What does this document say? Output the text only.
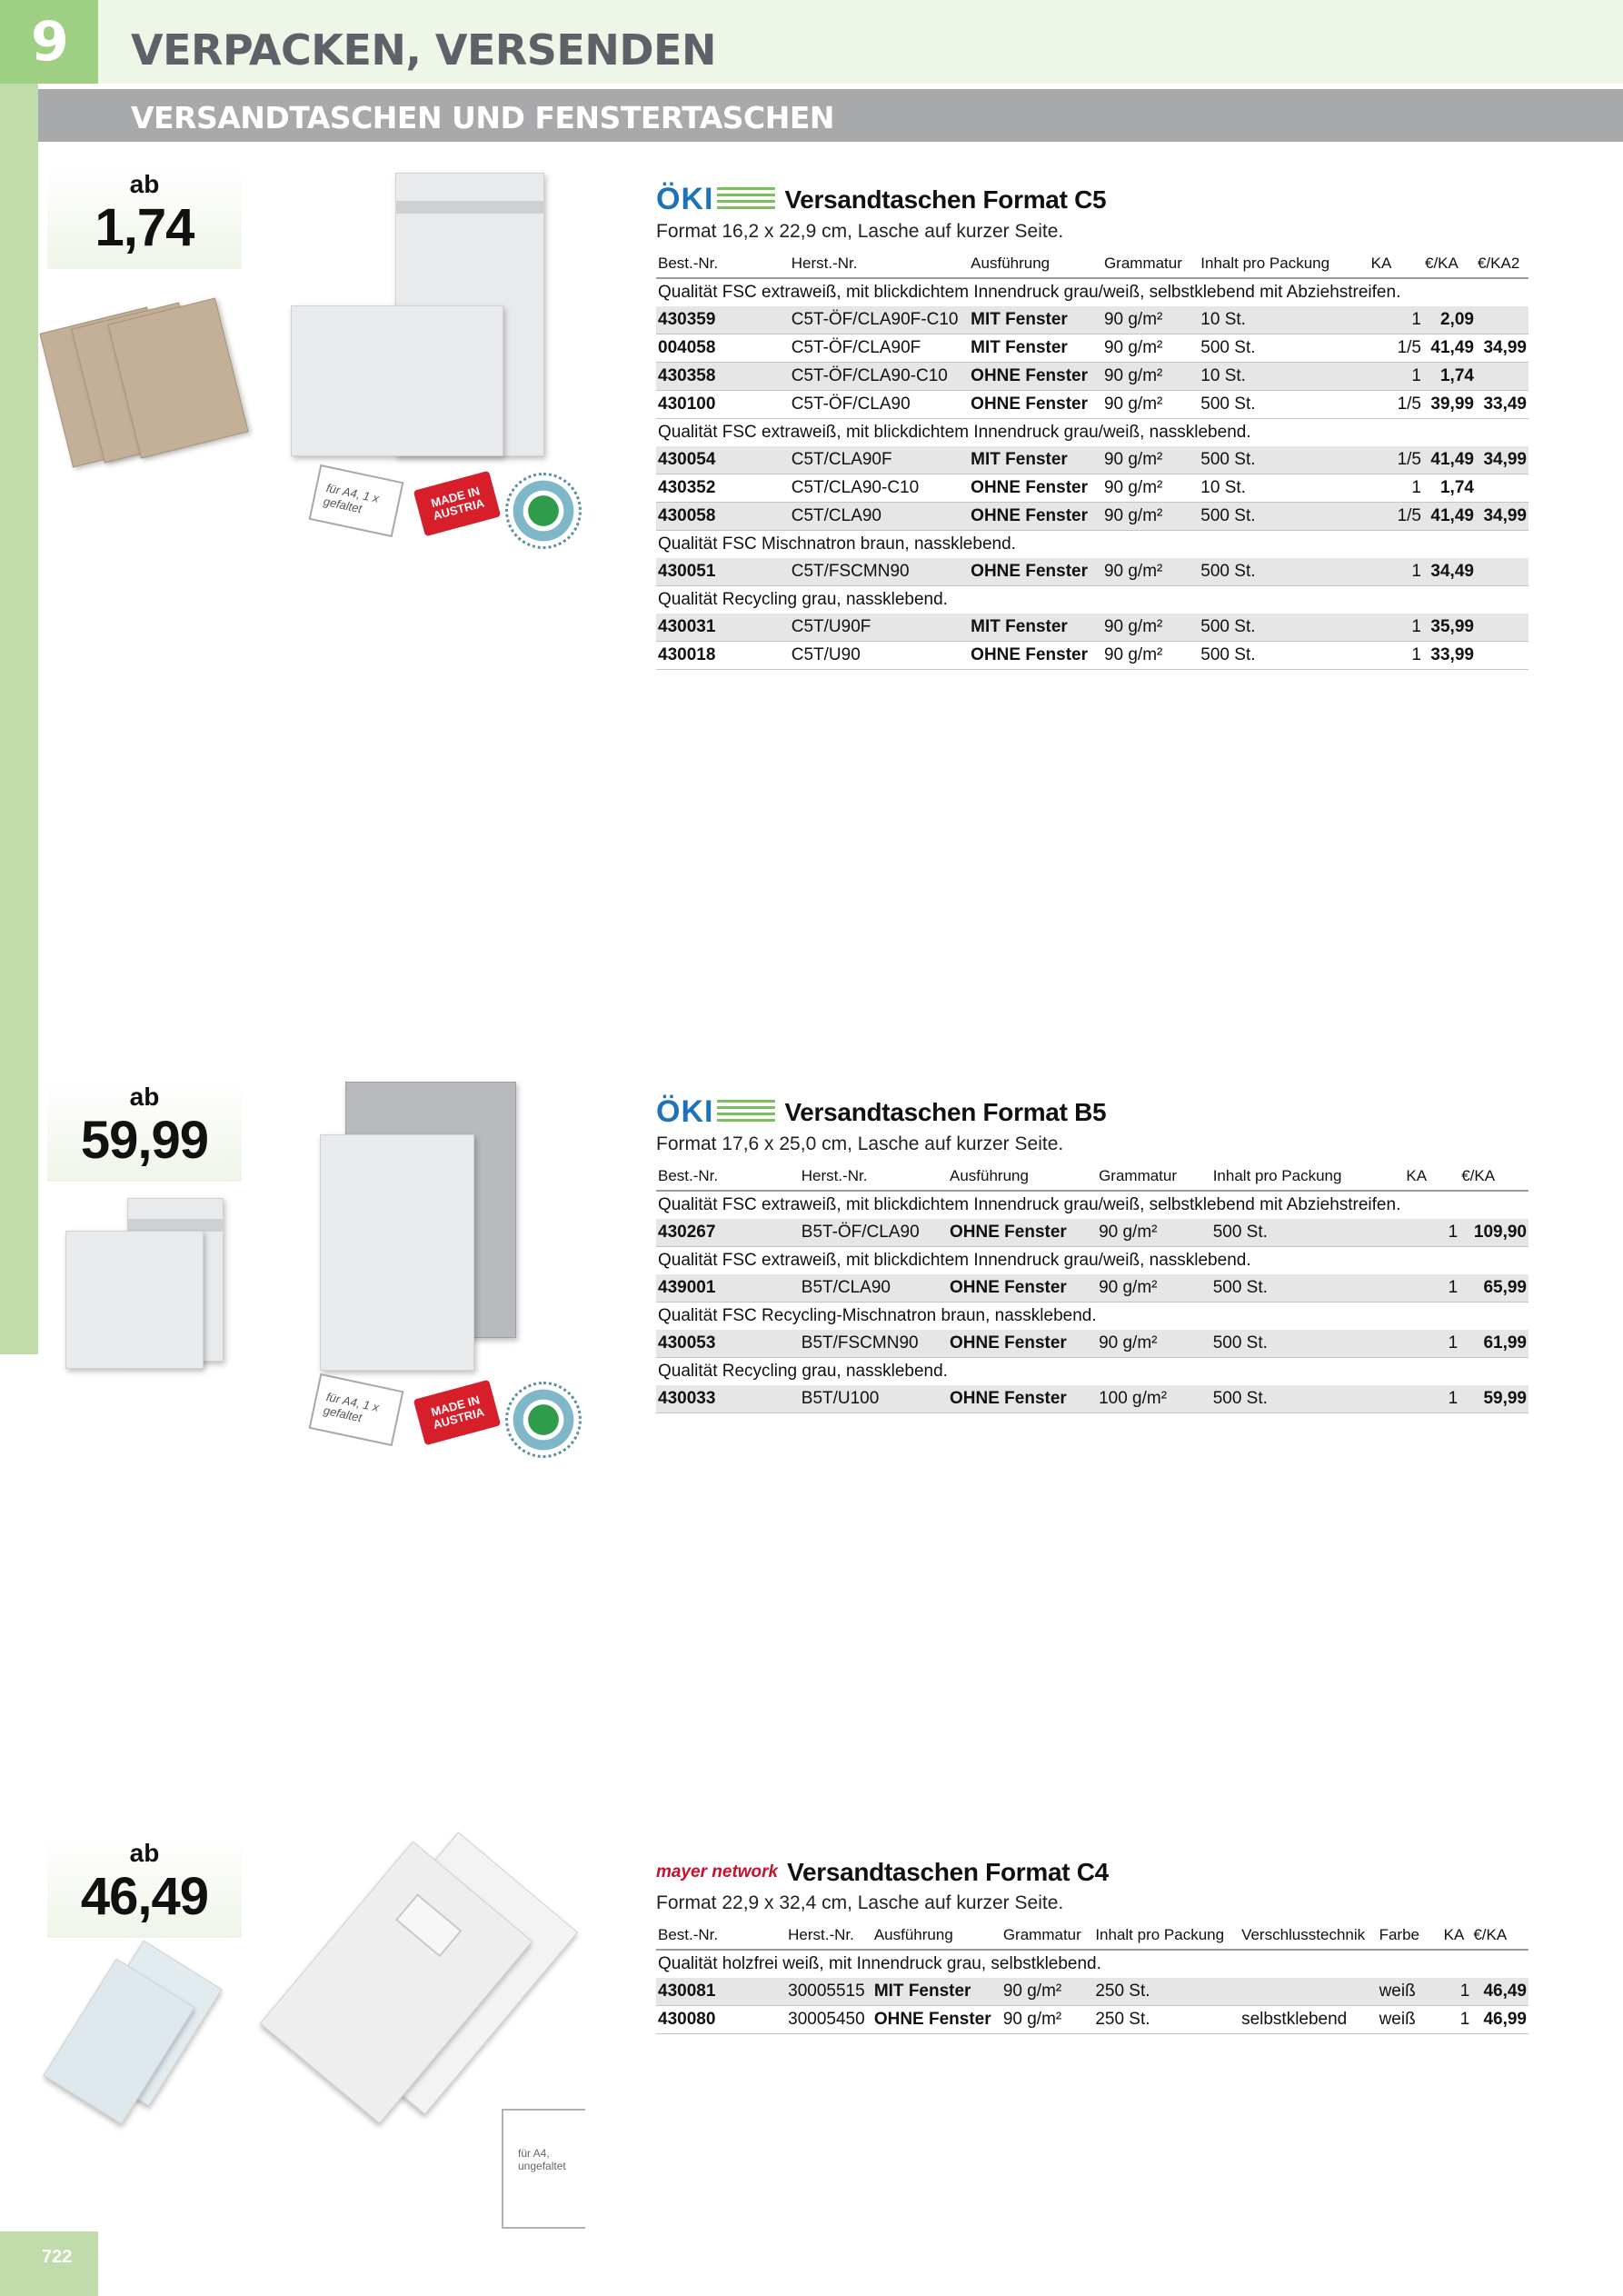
9	VERPACKEN, VERSENDEN
VERSANDTASCHEN UND FENSTERTASCHEN
722
ab
1,74
für A4, 1 x gefaltet	MADE IN AUSTRIA
ÖKI	Versandtaschen Format C5
Format 16,2 x 22,9 cm, Lasche auf kurzer Seite.
Best.-Nr.	Herst.-Nr.	Ausführung	Grammatur	Inhalt pro Packung	KA	€/KA	€/KA2
Qualität FSC extraweiß, mit blickdichtem Innendruck grau/weiß, selbstklebend mit Abziehstreifen.							
430359	C5T-ÖF/CLA90F-C10	MIT Fenster	90 g/m²	10 St.	1	2,09	
004058	C5T-ÖF/CLA90F	MIT Fenster	90 g/m²	500 St.	1/5	41,49	34,99
430358	C5T-ÖF/CLA90-C10	OHNE Fenster	90 g/m²	10 St.	1	1,74	
430100	C5T-ÖF/CLA90	OHNE Fenster	90 g/m²	500 St.	1/5	39,99	33,49
Qualität FSC extraweiß, mit blickdichtem Innendruck grau/weiß, nassklebend.							
430054	C5T/CLA90F	MIT Fenster	90 g/m²	500 St.	1/5	41,49	34,99
430352	C5T/CLA90-C10	OHNE Fenster	90 g/m²	10 St.	1	1,74	
430058	C5T/CLA90	OHNE Fenster	90 g/m²	500 St.	1/5	41,49	34,99
Qualität FSC Mischnatron braun, nassklebend.							
430051	C5T/FSCMN90	OHNE Fenster	90 g/m²	500 St.	1	34,49	
Qualität Recycling grau, nassklebend.							
430031	C5T/U90F	MIT Fenster	90 g/m²	500 St.	1	35,99	
430018	C5T/U90	OHNE Fenster	90 g/m²	500 St.	1	33,99	
ab
59,99
für A4, 1 x gefaltet	MADE IN AUSTRIA
ÖKI	Versandtaschen Format B5
Format 17,6 x 25,0 cm, Lasche auf kurzer Seite.
Best.-Nr.	Herst.-Nr.	Ausführung	Grammatur	Inhalt pro Packung	KA	€/KA
Qualität FSC extraweiß, mit blickdichtem Innendruck grau/weiß, selbstklebend mit Abziehstreifen.						
430267	B5T-ÖF/CLA90	OHNE Fenster	90 g/m²	500 St.	1	109,90
Qualität FSC extraweiß, mit blickdichtem Innendruck grau/weiß, nassklebend.						
439001	B5T/CLA90	OHNE Fenster	90 g/m²	500 St.	1	65,99
Qualität FSC Recycling-Mischnatron braun, nassklebend.						
430053	B5T/FSCMN90	OHNE Fenster	90 g/m²	500 St.	1	61,99
Qualität Recycling grau, nassklebend.						
430033	B5T/U100	OHNE Fenster	100 g/m²	500 St.	1	59,99
ab
46,49
für A4, ungefaltet
mayer network Versandtaschen Format C4
Format 22,9 x 32,4 cm, Lasche auf kurzer Seite.
Best.-Nr.	Herst.-Nr.	Ausführung	Grammatur	Inhalt pro Packung	Verschlusstechnik	Farbe	KA	€/KA
Qualität holzfrei weiß, mit Innendruck grau, selbstklebend.								
430081	30005515	MIT Fenster	90 g/m²	250 St.		weiß	1	46,49
430080	30005450	OHNE Fenster	90 g/m²	250 St.	selbstklebend	weiß	1	46,99
